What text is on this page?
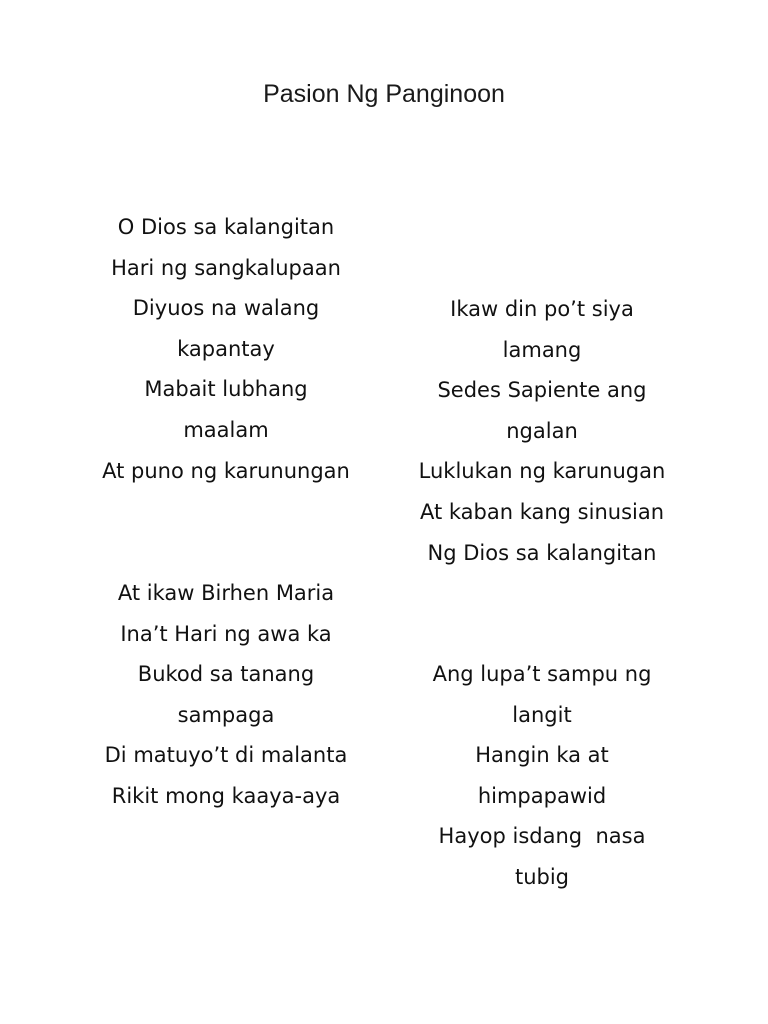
Pasion Ng Panginoon
O Dios sa kalangitan
Hari ng sangkalupaan
Diyuos na walang
kapantay
Mabait lubhang
maalam
At puno ng karunungan
At ikaw Birhen Maria
Ina’t Hari ng awa ka
Bukod sa tanang
sampaga
Di matuyo’t di malanta
Rikit mong kaaya-aya
Ikaw din po’t siya
lamang
Sedes Sapiente ang
ngalan
Luklukan ng karunugan
At kaban kang sinusian
Ng Dios sa kalangitan
Ang lupa’t sampu ng
langit
Hangin ka at
himpapawid
Hayop isdang  nasa
tubig
